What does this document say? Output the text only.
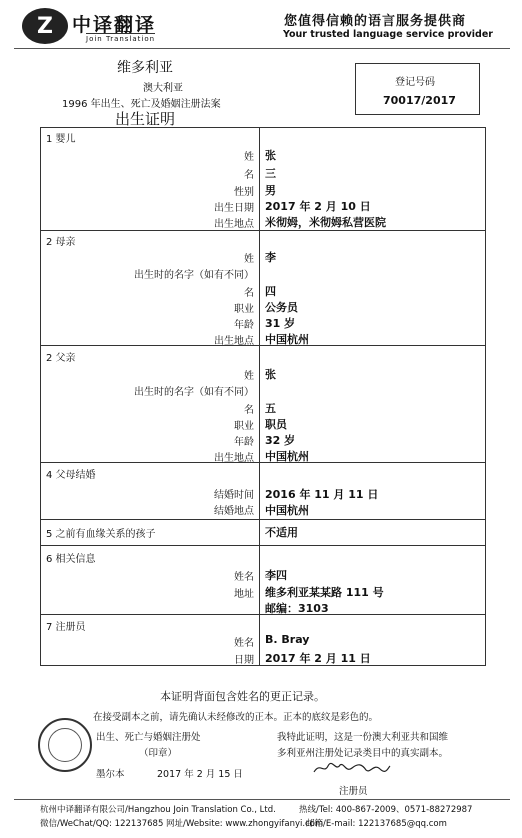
Z	中译翻译
Join Translation
您值得信赖的语言服务提供商
Your trusted language service provider
维多利亚
澳大利亚
1996 年出生、死亡及婚姻注册法案
出生证明
登记号码
70017/2017
1 婴儿
姓 张
名 三
性别 男
出生日期 2017 年 2 月 10 日
出生地点 米彻姆，米彻姆私营医院
2 母亲
姓 李
出生时的名字（如有不同）
名 四
职业 公务员
年龄 31 岁
出生地点 中国杭州
2 父亲
姓 张
出生时的名字（如有不同）
名 五
职业 职员
年龄 32 岁
出生地点 中国杭州
4 父母结婚
结婚时间 2016 年 11 月 11 日
结婚地点 中国杭州
5 之前有血缘关系的孩子	不适用
6 相关信息
姓名 李四
地址 维多利亚某某路 111 号
邮编：3103
7 注册员
姓名 B. Bray
日期 2017 年 2 月 11 日
本证明背面包含姓名的更正记录。
在接受副本之前，请先确认未经修改的正本。正本的底纹是彩色的。
出生、死亡与婚姻注册处
（印章）
墨尔本	2017 年 2 月 15 日
我特此证明，这是一份澳大利亚共和国维
多利亚州注册处记录类目中的真实副本。
注册员
杭州中译翻译有限公司/Hangzhou Join Translation Co., Ltd.	热线/Tel: 400-867-2009、0571-88272987
微信/WeChat/QQ: 122137685 网址/Website: www.zhongyifanyi.com
邮箱/E-mail: 122137685@qq.com
